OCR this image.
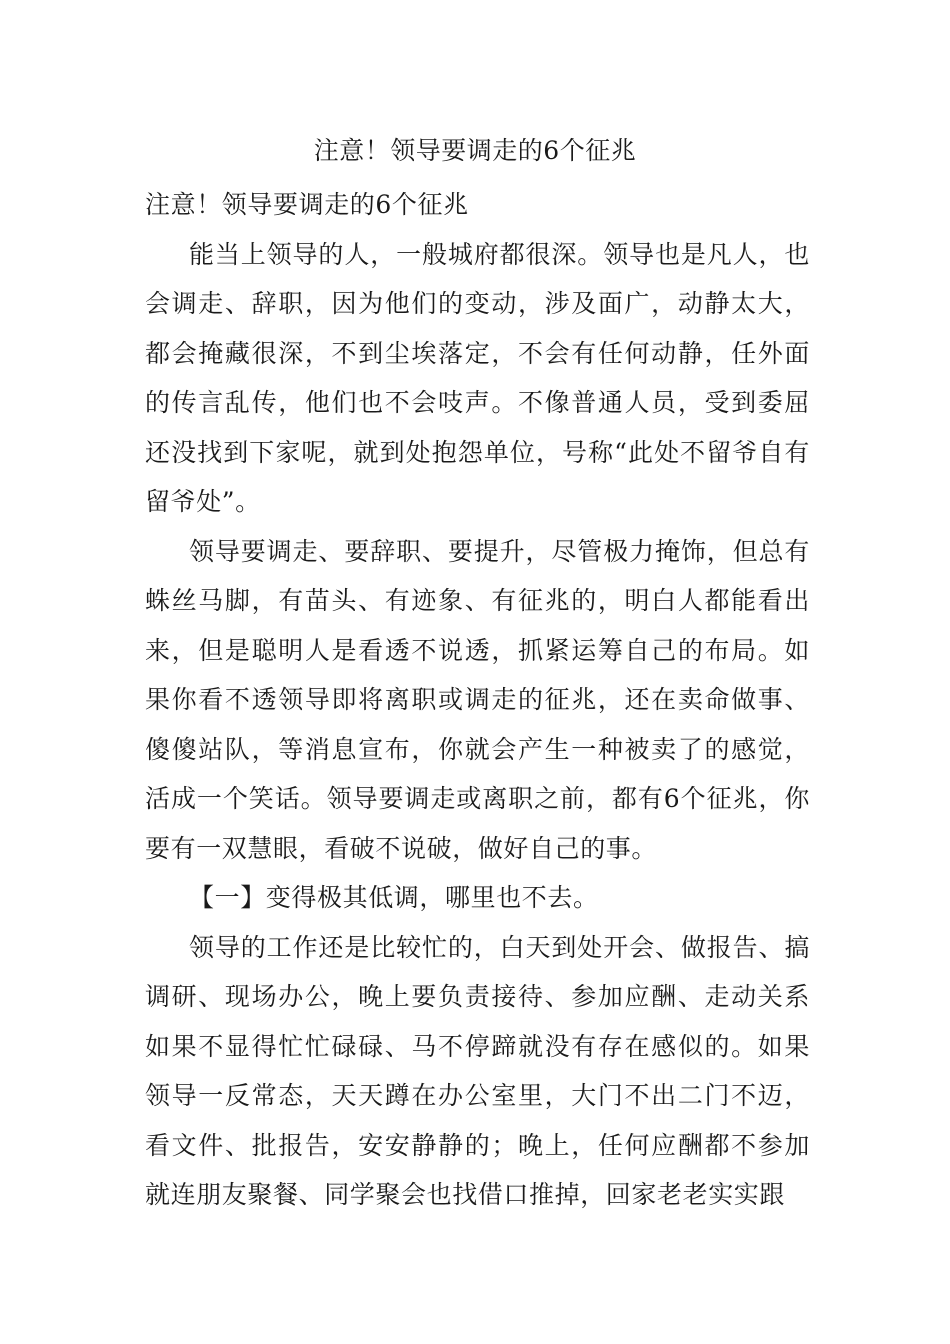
注意！领导要调走的6个征兆

注意！领导要调走的6个征兆

能当上领导的人，一般城府都很深。领导也是凡人，也会调走、辞职，因为他们的变动，涉及面广，动静太大，都会掩藏很深，不到尘埃落定，不会有任何动静，任外面的传言乱传，他们也不会吱声。不像普通人员，受到委屈还没找到下家呢，就到处抱怨单位，号称“此处不留爷自有留爷处”。

领导要调走、要辞职、要提升，尽管极力掩饰，但总有蛛丝马脚，有苗头、有迹象、有征兆的，明白人都能看出来，但是聪明人是看透不说透，抓紧运筹自己的布局。如果你看不透领导即将离职或调走的征兆，还在卖命做事、傻傻站队，等消息宣布，你就会产生一种被卖了的感觉，活成一个笑话。领导要调走或离职之前，都有6个征兆，你要有一双慧眼，看破不说破，做好自己的事。

【一】变得极其低调，哪里也不去。

领导的工作还是比较忙的，白天到处开会、做报告、搞调研、现场办公，晚上要负责接待、参加应酬、走动关系如果不显得忙忙碌碌、马不停蹄就没有存在感似的。如果领导一反常态，天天蹲在办公室里，大门不出二门不迈，看文件、批报告，安安静静的；晚上，任何应酬都不参加就连朋友聚餐、同学聚会也找借口推掉，回家老老实实跟
